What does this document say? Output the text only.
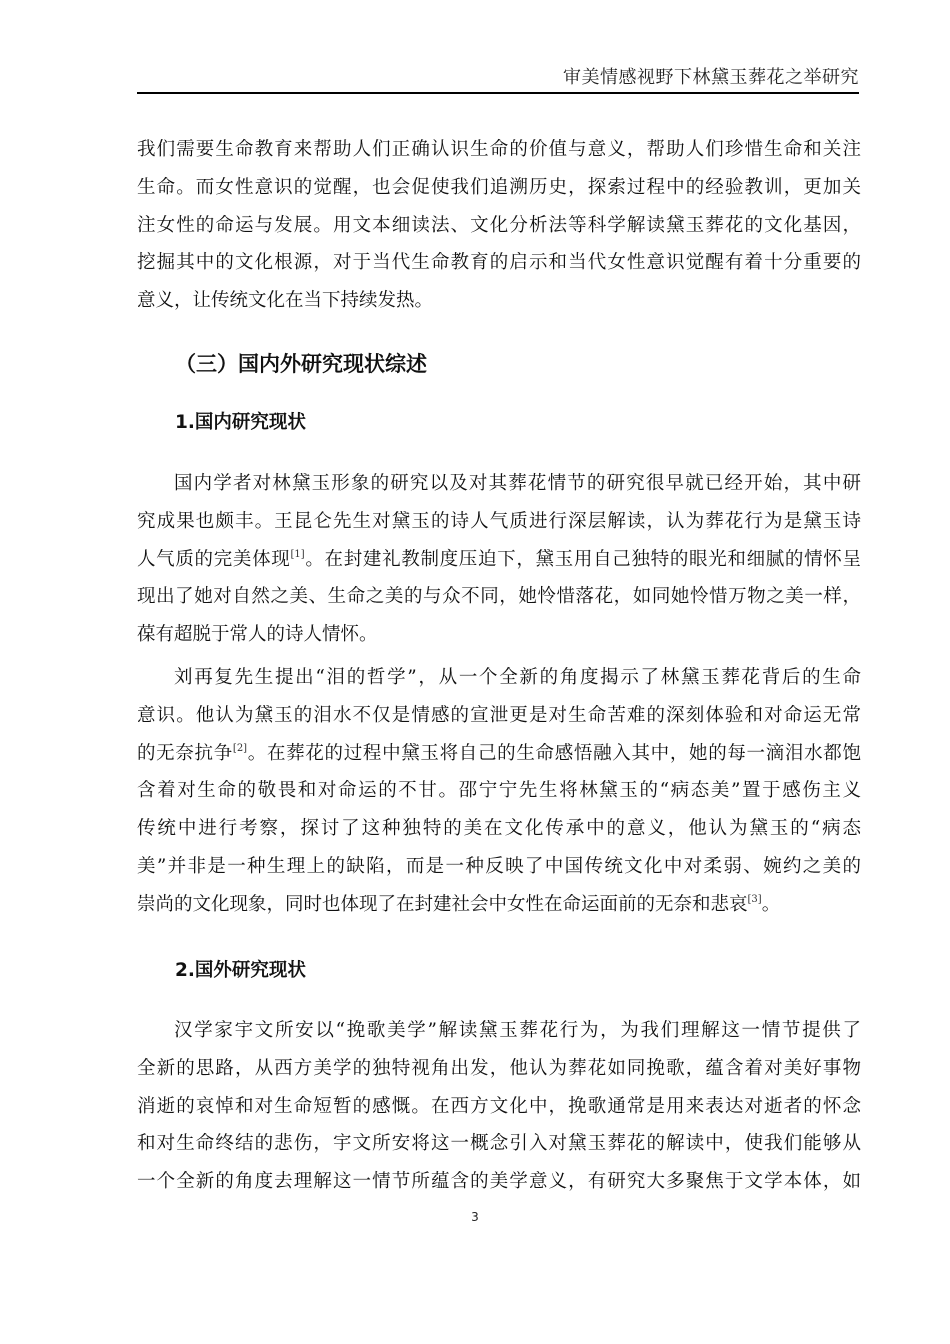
审美情感视野下林黛玉葬花之举研究
我们需要生命教育来帮助人们正确认识生命的价值与意义，帮助人们珍惜生命和关注
生命。而女性意识的觉醒，也会促使我们追溯历史，探索过程中的经验教训，更加关
注女性的命运与发展。用文本细读法、文化分析法等科学解读黛玉葬花的文化基因，
挖掘其中的文化根源，对于当代生命教育的启示和当代女性意识觉醒有着十分重要的
意义，让传统文化在当下持续发热。
（三）国内外研究现状综述
1.国内研究现状
国内学者对林黛玉形象的研究以及对其葬花情节的研究很早就已经开始，其中研
究成果也颇丰。王昆仑先生对黛玉的诗人气质进行深层解读，认为葬花行为是黛玉诗
人气质的完美体现[1]。在封建礼教制度压迫下，黛玉用自己独特的眼光和细腻的情怀呈
现出了她对自然之美、生命之美的与众不同，她怜惜落花，如同她怜惜万物之美一样，
葆有超脱于常人的诗人情怀。
刘再复先生提出“泪的哲学”，从一个全新的角度揭示了林黛玉葬花背后的生命
意识。他认为黛玉的泪水不仅是情感的宣泄更是对生命苦难的深刻体验和对命运无常
的无奈抗争[2]。在葬花的过程中黛玉将自己的生命感悟融入其中，她的每一滴泪水都饱
含着对生命的敬畏和对命运的不甘。邵宁宁先生将林黛玉的“病态美”置于感伤主义
传统中进行考察，探讨了这种独特的美在文化传承中的意义，他认为黛玉的“病态
美”并非是一种生理上的缺陷，而是一种反映了中国传统文化中对柔弱、婉约之美的
崇尚的文化现象，同时也体现了在封建社会中女性在命运面前的无奈和悲哀[3]。
2.国外研究现状
汉学家宇文所安以“挽歌美学”解读黛玉葬花行为，为我们理解这一情节提供了
全新的思路，从西方美学的独特视角出发，他认为葬花如同挽歌，蕴含着对美好事物
消逝的哀悼和对生命短暂的感慨。在西方文化中，挽歌通常是用来表达对逝者的怀念
和对生命终结的悲伤，宇文所安将这一概念引入对黛玉葬花的解读中，使我们能够从
一个全新的角度去理解这一情节所蕴含的美学意义，有研究大多聚焦于文学本体，如
3
